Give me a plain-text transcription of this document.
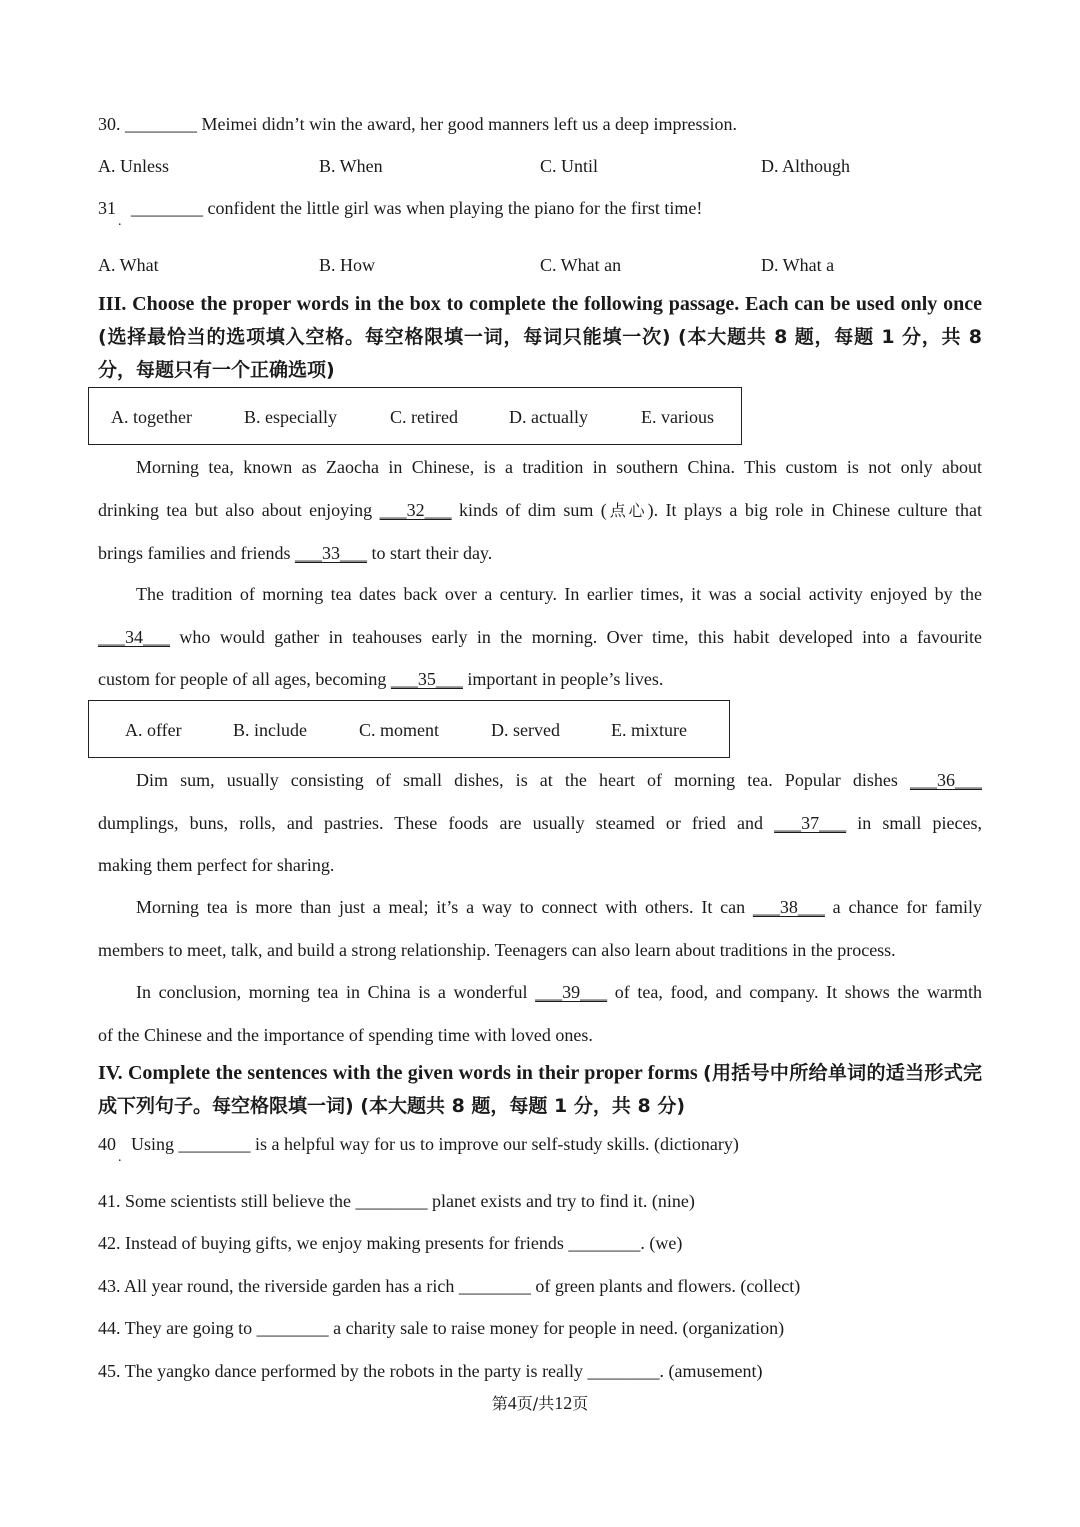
30. ________ Meimei didn’t win the award, her good manners left us a deep impression.
A. Unless	B. When	C. Until	D. Although
31
.
________ confident the little girl was when playing the piano for the first time!
A. What	B. How	C. What an	D. What a
III. Choose the proper words in the box to complete the following passage. Each can be used only once (选择最恰当的选项填入空格。每空格限填一词，每词只能填一次) (本大题共 8 题，每题 1 分，共 8 分，每题只有一个正确选项)
A. together	B. especially	C. retired	D. actually	E. various
Morning tea, known as Zaocha in Chinese, is a tradition in southern China. This custom is not only about
drinking tea but also about enjoying ___32___ kinds of dim sum (点心). It plays a big role in Chinese culture that
brings families and friends ___33___ to start their day.
The tradition of morning tea dates back over a century. In earlier times, it was a social activity enjoyed by the
___34___ who would gather in teahouses early in the morning. Over time, this habit developed into a favourite
custom for people of all ages, becoming ___35___ important in people’s lives.
A. offer	B. include	C. moment	D. served	E. mixture
Dim sum, usually consisting of small dishes, is at the heart of morning tea. Popular dishes ___36___
dumplings, buns, rolls, and pastries. These foods are usually steamed or fried and ___37___ in small pieces,
making them perfect for sharing.
Morning tea is more than just a meal; it’s a way to connect with others. It can ___38___ a chance for family
members to meet, talk, and build a strong relationship. Teenagers can also learn about traditions in the process.
In conclusion, morning tea in China is a wonderful ___39___ of tea, food, and company. It shows the warmth
of the Chinese and the importance of spending time with loved ones.
IV. Complete the sentences with the given words in their proper forms (用括号中所给单词的适当形式完成下列句子。每空格限填一词) (本大题共 8 题，每题 1 分，共 8 分)
40
.
Using ________ is a helpful way for us to improve our self-study skills. (dictionary)
41. Some scientists still believe the ________ planet exists and try to find it. (nine)
42. Instead of buying gifts, we enjoy making presents for friends ________. (we)
43. All year round, the riverside garden has a rich ________ of green plants and flowers. (collect)
44. They are going to ________ a charity sale to raise money for people in need. (organization)
45. The yangko dance performed by the robots in the party is really ________. (amusement)
第4页/共12页
